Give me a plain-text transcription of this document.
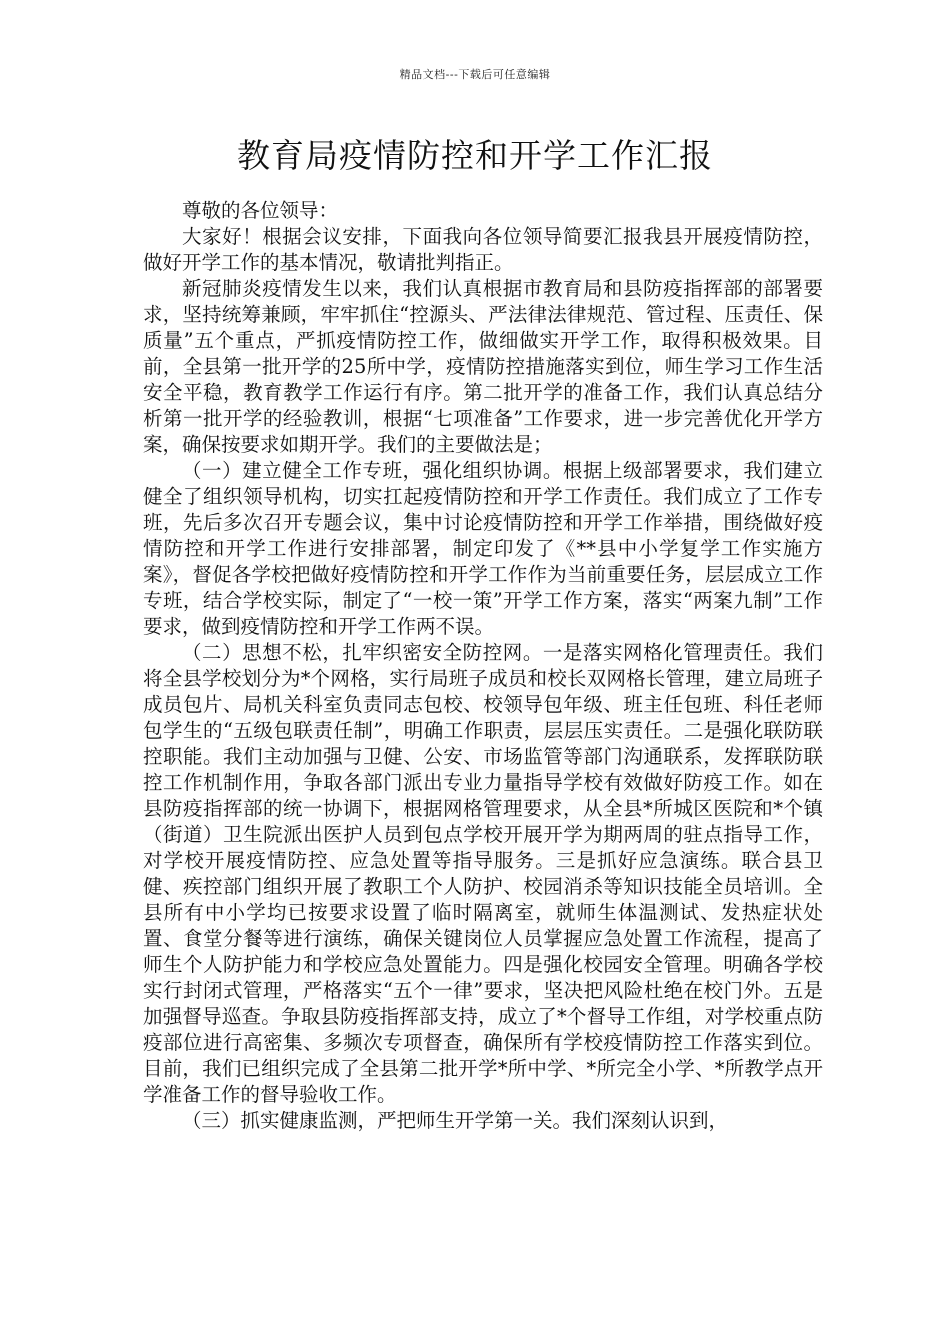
精品文档---下载后可任意编辑
教育局疫情防控和开学工作汇报

尊敬的各位领导：

大家好！根据会议安排，下面我向各位领导简要汇报我县开展疫情防控，做好开学工作的基本情况，敬请批判指正。

新冠肺炎疫情发生以来，我们认真根据市教育局和县防疫指挥部的部署要求，坚持统筹兼顾，牢牢抓住“控源头、严法律法律规范、管过程、压责任、保质量”五个重点，严抓疫情防控工作，做细做实开学工作，取得积极效果。目前，全县第一批开学的25所中学，疫情防控措施落实到位，师生学习工作生活安全平稳，教育教学工作运行有序。第二批开学的准备工作，我们认真总结分析第一批开学的经验教训，根据“七项准备”工作要求，进一步完善优化开学方案，确保按要求如期开学。我们的主要做法是；

（一）建立健全工作专班，强化组织协调。根据上级部署要求，我们建立健全了组织领导机构，切实扛起疫情防控和开学工作责任。我们成立了工作专班，先后多次召开专题会议，集中讨论疫情防控和开学工作举措，围绕做好疫情防控和开学工作进行安排部署，制定印发了《**县中小学复学工作实施方案》，督促各学校把做好疫情防控和开学工作作为当前重要任务，层层成立工作专班，结合学校实际，制定了“一校一策”开学工作方案，落实“两案九制”工作要求，做到疫情防控和开学工作两不误。

（二）思想不松，扎牢织密安全防控网。一是落实网格化管理责任。我们将全县学校划分为*个网格，实行局班子成员和校长双网格长管理，建立局班子成员包片、局机关科室负责同志包校、校领导包年级、班主任包班、科任老师包学生的“五级包联责任制”，明确工作职责，层层压实责任。二是强化联防联控职能。我们主动加强与卫健、公安、市场监管等部门沟通联系，发挥联防联控工作机制作用，争取各部门派出专业力量指导学校有效做好防疫工作。如在县防疫指挥部的统一协调下，根据网格管理要求，从全县*所城区医院和*个镇（街道）卫生院派出医护人员到包点学校开展开学为期两周的驻点指导工作，对学校开展疫情防控、应急处置等指导服务。三是抓好应急演练。联合县卫健、疾控部门组织开展了教职工个人防护、校园消杀等知识技能全员培训。全县所有中小学均已按要求设置了临时隔离室，就师生体温测试、发热症状处置、食堂分餐等进行演练，确保关键岗位人员掌握应急处置工作流程，提高了师生个人防护能力和学校应急处置能力。四是强化校园安全管理。明确各学校实行封闭式管理，严格落实“五个一律”要求，坚决把风险杜绝在校门外。五是加强督导巡查。争取县防疫指挥部支持，成立了*个督导工作组，对学校重点防疫部位进行高密集、多频次专项督查，确保所有学校疫情防控工作落实到位。目前，我们已组织完成了全县第二批开学*所中学、*所完全小学、*所教学点开学准备工作的督导验收工作。

（三）抓实健康监测，严把师生开学第一关。我们深刻认识到，
